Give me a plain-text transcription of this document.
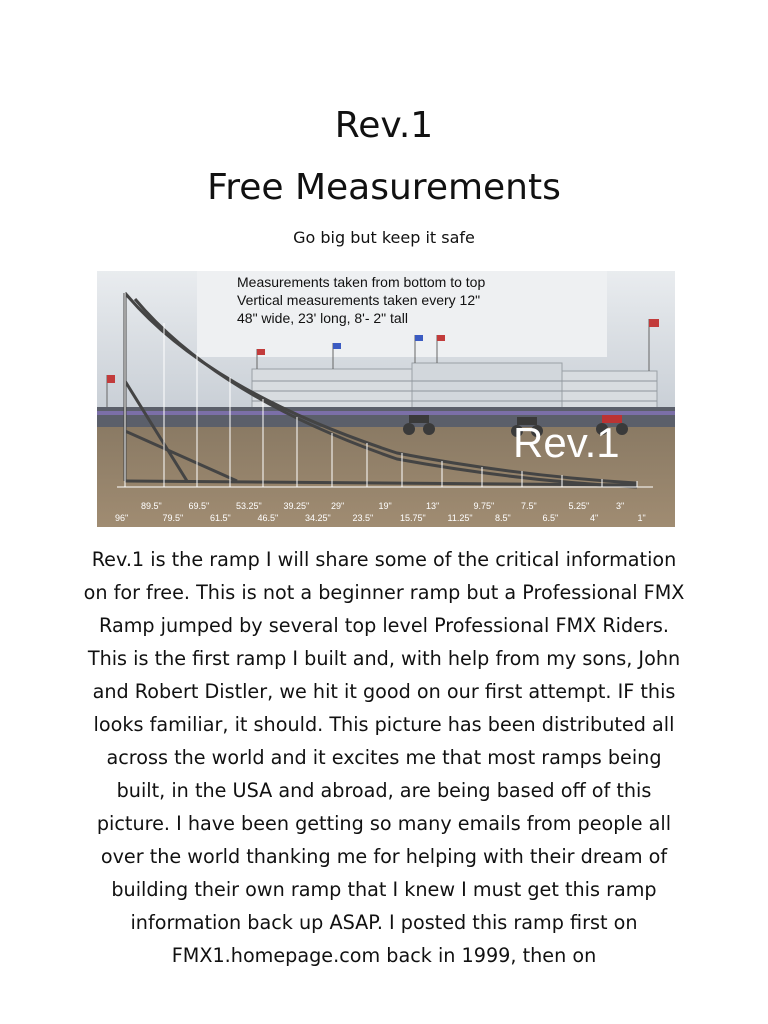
Rev.1
Free Measurements
Go big but keep it safe
Measurements taken from bottom to top
Vertical measurements taken every 12"
48" wide, 23' long, 8'- 2" tall
Rev.1
89.5"	69.5"	53.25" 39.25" 29"	19"	13"	9.75"	7.5"	5.25"	3"
96"	79.5"	61.5"	46.5"	34.25" 23.5"	15.75" 11.25" 8.5"	6.5"	4"	1"

Rev.1 is the ramp I will share some of the critical information on for free. This is not a beginner ramp but a Professional FMX Ramp jumped by several top level Professional FMX Riders. This is the first ramp I built and, with help from my sons, John and Robert Distler, we hit it good on our first attempt. IF this looks familiar, it should. This picture has been distributed all across the world and it excites me that most ramps being built, in the USA and abroad, are being based off of this picture. I have been getting so many emails from people all over the world thanking me for helping with their dream of building their own ramp that I knew I must get this ramp information back up ASAP. I posted this ramp first on FMX1.homepage.com back in 1999, then on
